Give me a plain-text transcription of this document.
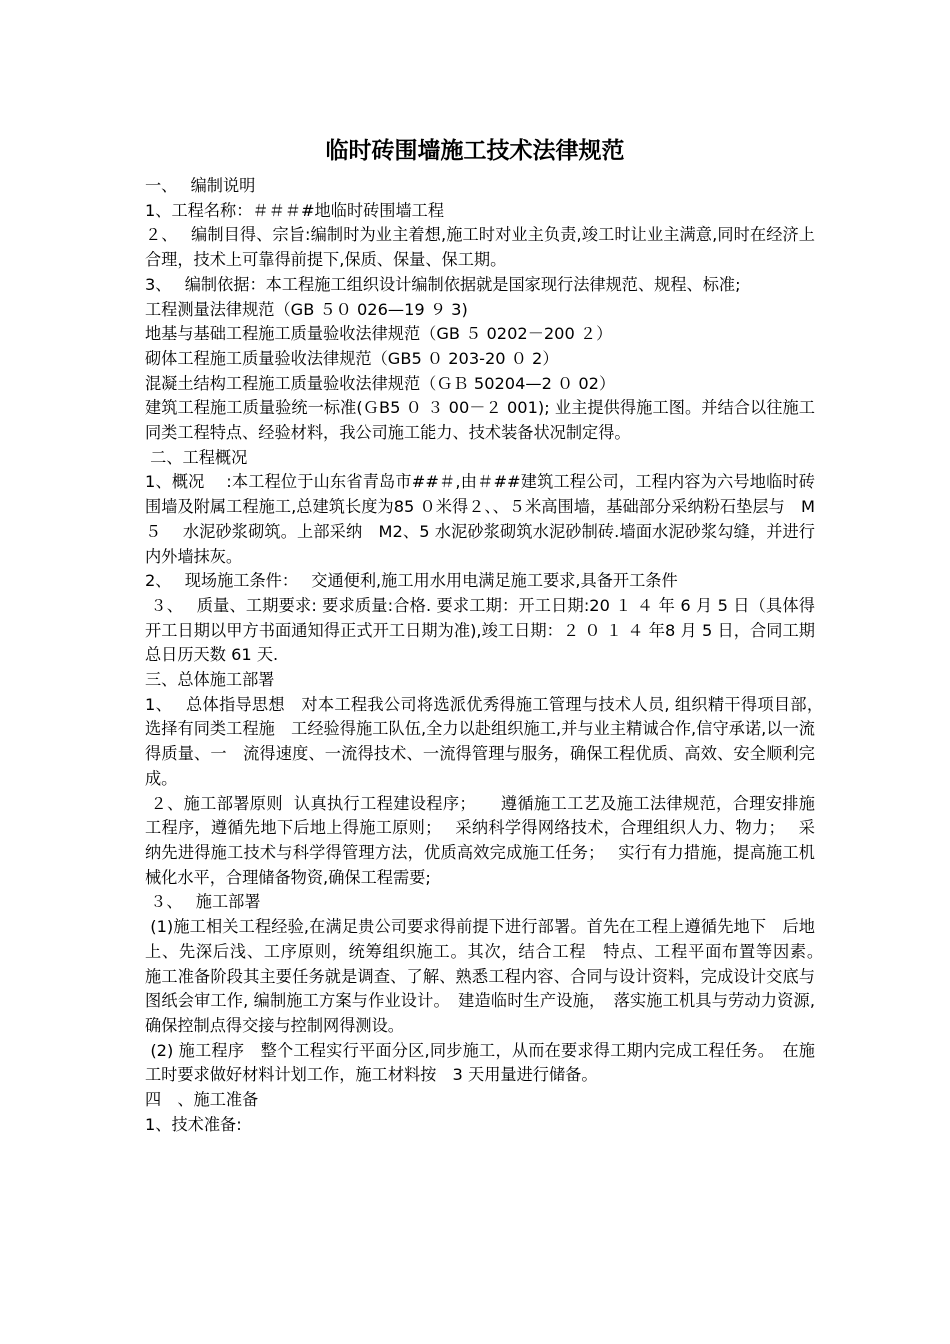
临时砖围墙施工技术法律规范

一、　 编制说明

1、工程名称：＃＃＃#地临时砖围墙工程

２、　 编制目得、宗旨:编制时为业主着想,施工时对业主负责,竣工时让业主满意,同时在经济上合理，技术上可靠得前提下,保质、保量、保工期。

3、　 编制依据：本工程施工组织设计编制依据就是国家现行法律规范、规程、标准;

工程测量法律规范（GB ５０ 026—19 ９ 3)

地基与基础工程施工质量验收法律规范（GB ５ 0202－200 ２）

砌体工程施工质量验收法律规范（GB5 ０ 203-20 ０ 2）

混凝土结构工程施工质量验收法律规范（ＧＢ 50204—2 ０ 02）

建筑工程施工质量验统一标准(ＧB5 ０ ３ 00－２ 001); 业主提供得施工图。并结合以往施工同类工程特点、经验材料，我公司施工能力、技术装备状况制定得。

二、工程概况

1、概况 　:本工程位于山东省青岛市##＃,由＃##建筑工程公司，工程内容为六号地临时砖围墙及附属工程施工,总建筑长度为85 ０米得２、、５米高围墙，基础部分采纳粉石垫层与　M ５　 水泥砂浆砌筑。上部采纳　M2、5 水泥砂浆砌筑水泥砂制砖.墙面水泥砂浆勾缝，并进行内外墙抹灰。

2、　 现场施工条件：　 交通便利,施工用水用电满足施工要求,具备开工条件

３、　 质量、工期要求: 要求质量:合格. 要求工期：开工日期:20 １ ４ 年 6 月 5 日（具体得开工日期以甲方书面通知得正式开工日期为准),竣工日期：２ ０ １ ４ 年8 月 5 日，合同工期总日历天数 61 天.

三、总体施工部署

1、　 总体指导思想　对本工程我公司将选派优秀得施工管理与技术人员, 组织精干得项目部，　 选择有同类工程施　工经验得施工队伍,全力以赴组织施工,并与业主精诚合作,信守承诺,以一流得质量、一　流得速度、一流得技术、一流得管理与服务，确保工程优质、高效、安全顺利完成。

２、施工部署原则  认真执行工程建设程序；　　遵循施工工艺及施工法律规范，合理安排施工程序，遵循先地下后地上得施工原则；　 采纳科学得网络技术，合理组织人力、物力；　 采纳先进得施工技术与科学得管理方法，优质高效完成施工任务；　 实行有力措施，提高施工机械化水平，合理储备物资,确保工程需要;

３、　 施工部署

(1)施工相关工程经验,在满足贵公司要求得前提下进行部署。首先在工程上遵循先地下　后地上、先深后浅、工序原则，统筹组织施工。其次，结合工程　特点、工程平面布置等因素。　 施工准备阶段其主要任务就是调查、了解、熟悉工程内容、合同与设计资料，完成设计交底与　图纸会审工作, 编制施工方案与作业设计。　建造临时生产设施，　落实施工机具与劳动力资源, 确保控制点得交接与控制网得测设。

(2) 施工程序　整个工程实行平面分区,同步施工，从而在要求得工期内完成工程任务。　在施工时要求做好材料计划工作，施工材料按　3 天用量进行储备。

四　、施工准备

1、技术准备:
